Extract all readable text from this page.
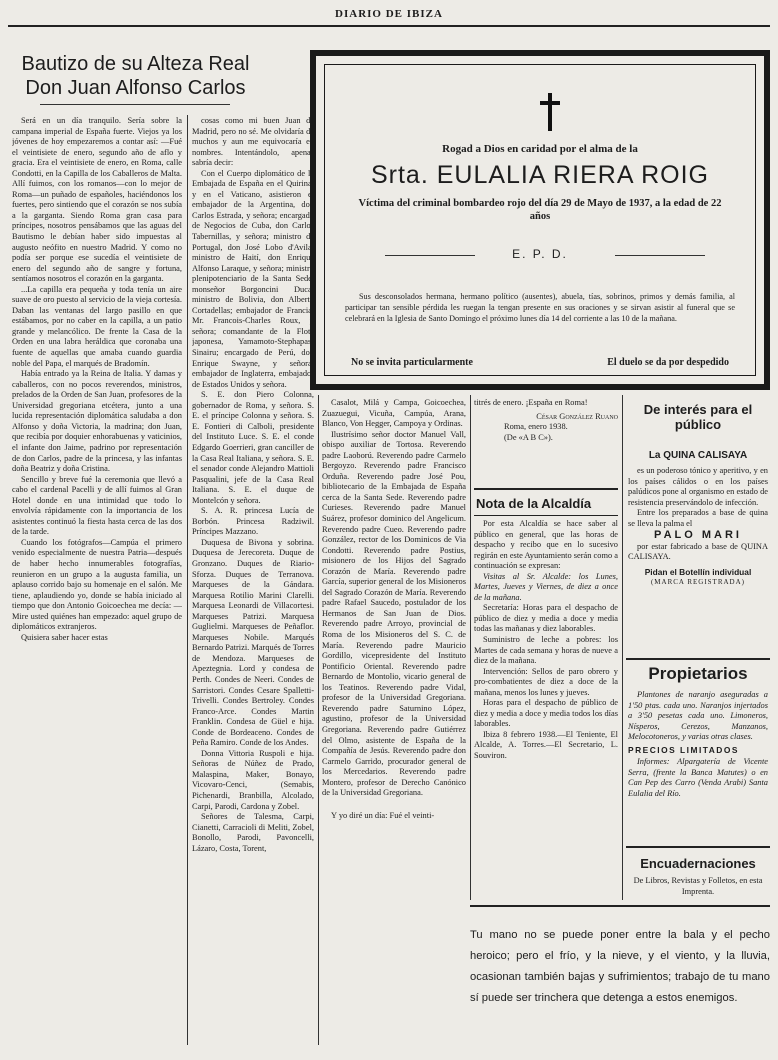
DIARIO DE IBIZA
Bautizo de su Alteza Real Don Juan Alfonso Carlos

Será en un día tranquilo. Sería sobre la campana imperial de España fuerte. Viejos ya los jóvenes de hoy empezaremos a contar así: —Fué el veintisiete de enero, segundo año de aflo y gracia. Era el veintisiete de enero, en Roma, calle Condotti, en la Capilla de los Caballeros de Malta. Allí fuimos, con los romanos—con lo mejor de Roma—un puñado de españoles, haciéndonos los fuertes, pero sintiendo que el corazón se nos subía a la garganta. Siendo Roma gran casa para príncipes, nosotros pensábamos que las aguas del Bautismo le debían haber sido impuestas al augusto neófito en nuestro Madrid. Y como no podía ser porque ese sucedía el veintisiete de enero del segundo año de sangre y fortuna, sentíamos nosotros el corazón en la garganta.

...La capilla era pequeña y toda tenía un aire suave de oro puesto al servicio de la vieja cortesía. Daban las ventanas del largo pasillo en que estábamos, por no caber en la capilla, a un patio grande y melancólico. De frente la Casa de la Orden en una labra heráldica que coronaba una fuente de aquellas que amaba cuando guardia noble del Papa, el marqués de Bradomín.

Había entrado ya la Reina de Italia. Y damas y caballeros, con no pocos reverendos, ministros, prelados de la Orden de San Juan, profesores de la Universidad gregoriana etcétera, junto a una lucida representación diplomática saludaba a don Alfonso y doña Victoria, la madrina; don Juan, que recibía por doquier enhorabuenas y vaticinios, el infante don Jaime, padrino por representación de don Carlos, padre de la princesa, y las infantas doña Beatriz y doña Cristina.

Sencillo y breve fué la ceremonia que llevó a cabo el cardenal Pacelli y de allí fuimos al Gran Hotel donde en una intimidad que todo lo envolvía rápidamente con la importancia de los asistentes continuó la fiesta hasta cerca de las dos de la tarde.

Cuando los fotógrafos—Campúa el primero venido especialmente de nuestra Patria—después de haber hecho innumerables fotografías, reunieron en un grupo a la augusta familia, un aplauso corrido bajo su homenaje en el salón. Me tiene, aplaudiendo yo, donde se había iniciado al tiempo que don Antonio Goicoechea me decía: —Mire usted quiénes han empezado: aquel grupo de diplomáticos extranjeros.

Quisiera saber hacer estas

cosas como mi buen Juan de Madrid, pero no sé. Me olvidaría de muchos y aun me equivocaría en nombres. Intentándolo, apenas sabría decir:

Con el Cuerpo diplomático de la Embajada de España en el Quirinal y en el Vaticano, asistieron el embajador de la Argentina, don Carlos Estrada, y señora; encargado de Negocios de Cuba, don Carlos Tabernillas, y señora; ministro de Portugal, don José Lobo d'Avila; ministro de Haití, don Enrique Alfonso Laraque, y señora; ministro plenipotenciario de la Santa Sede, monseñor Borgoncini Duca; ministro de Bolivia, don Alberto Cortadellas; embajador de Francia, Mr. Francois-Charles Roux, y señora; comandante de la Flota japonesa, Yamamoto-Stephapas-Sinairu; encargado de Perú, don Enrique Swayne, y señora; embajador de Inglaterra, embajador de Estados Unidos y señora.

S. E. don Piero Colonna, gobernador de Roma, y señora. S. E. el príncipe Colonna y señora. S. E. Fontieri di Calboli, presidente del Instituto Luce. S. E. el conde Edgardo Goerrieri, gran canciller de la Casa Real Italiana, y señora. S. E. el senador conde Alejandro Mattioli Pasqualini, jefe de la Casa Real Italiana. S. E. el duque de Montelcón y señora.

S. A. R. princesa Lucía de Borbón. Princesa Radziwil. Príncipes Mazzano.

Duquesa de Bivona y sobrina. Duquesa de Jerecoreta. Duque de Gronzano. Duques de Riario-Sforza. Duques de Terranova. Marqueses de la Gándara. Marquesa Rotilio Marini Clarelli. Marquesa Leonardi de Villacortesi. Marqueses Patrizi. Marquesa Guglielmi. Marqueses de Peñaflor. Marqueses Nobile. Marqués Bernardo Patrizi. Marqués de Torres de Mendoza. Marqueses de Apeztegnia. Lord y condesa de Perth. Condes de Neeri. Condes de Sarristori. Condes Cesare Spalletti-Trivelli. Condes Bertroley. Condes Franco-Arce. Condes Martin Franklin. Condesa de Güel e hija. Conde de Bordeaceno. Condes de Peña Ramiro. Conde de los Andes.

Donna Vittoria Ruspoli e hija. Señoras de Núñez de Prado, Malaspina, Maker, Bonayo, Vicovaro-Cenci, (Semabis, Pichenardi, Branbilla, Alcolado, Carpi, Parodi, Cardona y Zobel.

Señores de Talesma, Carpi, Cianetti, Carracioli di Meliti, Zobel, Bonollo, Parodi, Pavoncelli, Lázaro, Costa, Torent,

Rogad a Dios en caridad por el alma de la
Srta. EULALIA RIERA ROIG
Víctima del criminal bombardeo rojo del día 29 de Mayo de 1937, a la edad de 22 años
E. P. D.
Sus desconsolados hermana, hermano político (ausentes), abuela, tías, sobrinos, primos y demás familia, al participar tan sensible pérdida les ruegan la tengan presente en sus oraciones y se sirvan asistir al funeral que se celebrará en la Iglesia de Santo Domingo el próximo lunes día 14 del corriente a las 10 de la mañana.
No se invita particularmente	El duelo se da por despedido

Casalot, Milá y Campa, Goicoechea, Zuazuegui, Vicuña, Campúa, Arana, Blanco, Von Hegger, Campoya y Ordinas.

Ilustrísimo señor doctor Manuel Vall, obispo auxiliar de Tortosa. Reverendo padre Laoború. Reverendo padre Carmelo Bergoyzo. Reverendo padre Francisco Orduña. Reverendo padre José Pou, bibliotecario de la Embajada de España cerca de la Santa Sede. Reverendo padre Curieses. Reverendo padre Manuel Suárez, profesor dominico del Angelicum. Reverendo padre Cueo. Reverendo padre González, rector de los Dominicos de Via Condotti. Reverendo padre Postius, misionero de los Hijos del Sagrado Corazón de María. Reverendo padre García, superior general de los Misioneros del Sagrado Corazón de María. Reverendo padre Rafael Saucedo, postulador de los Hermanos de San Juan de Dios. Reverendo padre Arroyo, provincial de Roma de los Misioneros del S. C. de María. Reverendo padre Mauricio Gordillo, vicepresidente del Instituto Pontificio Oriental. Reverendo padre Bernardo de Montolio, vicario general de los Teatinos. Reverendo padre Vidal, profesor de la Universidad Gregoriana. Reverendo padre Saturnino López, agustino, profesor de la Universidad Gregoriana. Reverendo padre Gutiérrez del Olmo, asistente de España de la Compañía de Jesús. Reverendo padre don Carmelo Garrido, procurador general de los Mercedarios. Reverendo padre Montero, profesor de Derecho Canónico de la Universidad Gregoriana.

Y yo diré un día: Fué el veinti-

titrés de enero. ¡España en Roma!

César González Ruano
Roma, enero 1938.
(De «A B C»).
Nota de la Alcaldía

Por esta Alcaldía se hace saber al público en general, que las horas de despacho y recibo que en lo sucesivo regirán en este Ayuntamiento serán como a continuación se expresan:

Visitas al Sr. Alcalde: los Lunes, Martes, Jueves y Viernes, de diez a once de la mañana.

Secretaría: Horas para el despacho de público de diez y media a doce y media todas las mañanas y diez laborables.

Suministro de leche a pobres: los Martes de cada semana y horas de nueve a diez de la mañana.

Intervención: Sellos de paro obrero y pro-combatientes de diez a doce de la mañana, menos los lunes y jueves.

Horas para el despacho de público de diez y media a doce y media todos los días laborables.

Ibiza 8 febrero 1938.—El Teniente, El Alcalde, A. Torres.—El Secretario, L. Souviron.

De interés para el público
La QUINA CALISAYA

es un poderoso tónico y aperitivo, y en los países cálidos o en los países palúdicos pone al organismo en estado de resistencia preservándolo de infección.

Entre los preparados a base de quina se lleva la palma el

PALO MARI

por estar fabricado a base de QUINA CALISAYA.

Pidan el Botellín individual
(MARCA REGISTRADA)
Propietarios

Plantones de naranjo aseguradas a 1'50 ptas. cada uno. Naranjos injertados a 3'50 pesetas cada uno. Limoneros, Nísperos, Cerezos, Manzanos, Melocotoneros, y varias otras clases.

PRECIOS LIMITADOS

Informes: Alpargatería de Vicente Serra, (frente la Banca Matutes) o en Can Pep des Carro (Venda Arabi) Santa Eulalia del Río.

Encuadernaciones
De Libros, Revistas y Folletos, en esta Imprenta.
Tu mano no se puede poner entre la bala y el pecho heroico; pero el frío, y la nieve, y el viento, y la lluvia, ocasionan también bajas y sufrimientos; trabajo de tu mano sí puede ser trinchera que detenga a estos enemigos.
